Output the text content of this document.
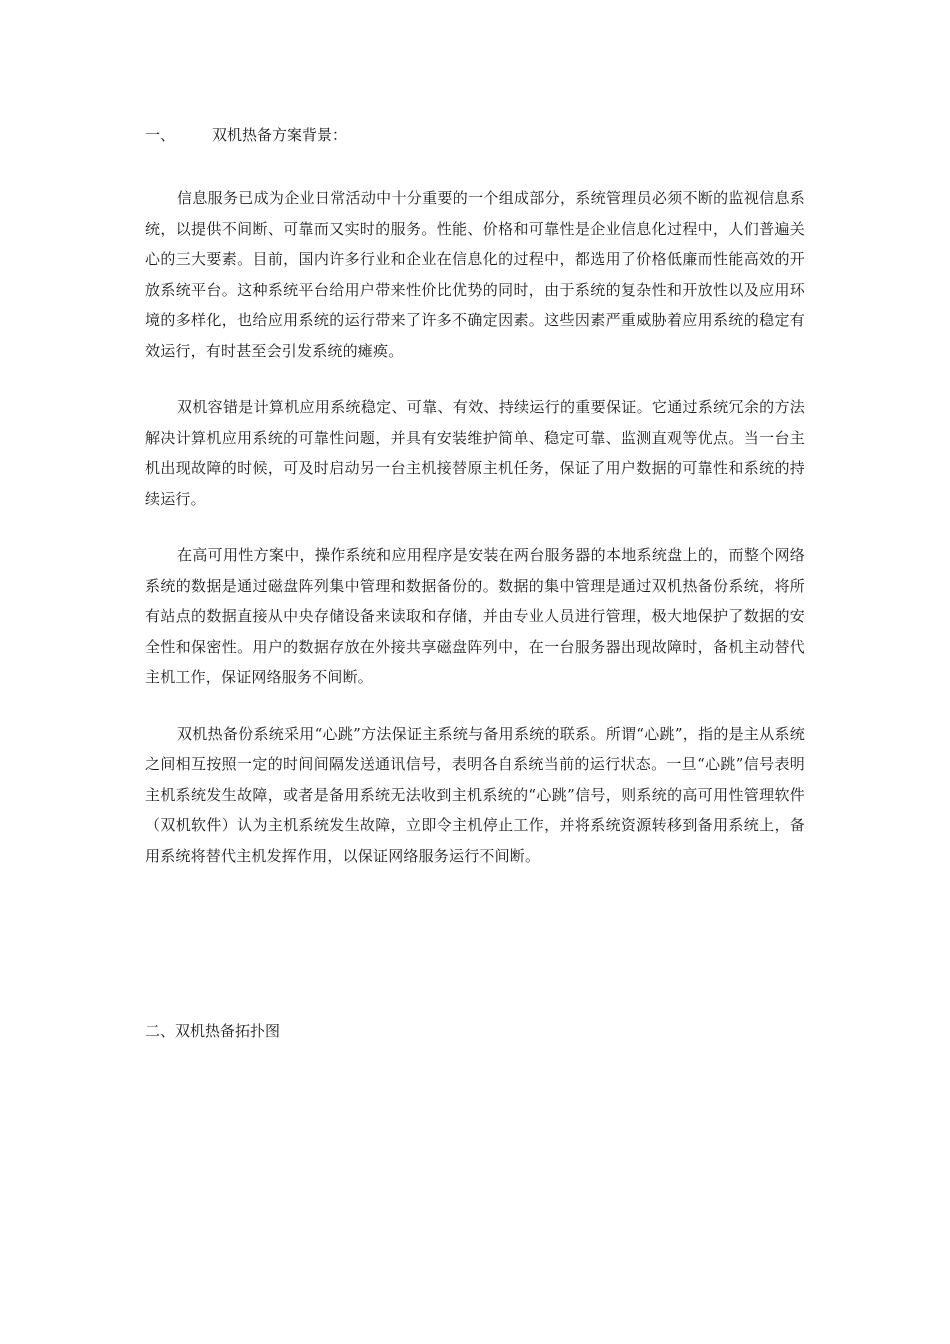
一、 双机热备方案背景：

信息服务已成为企业日常活动中十分重要的一个组成部分，系统管理员必须不断的监视信息系统，以提供不间断、可靠而又实时的服务。性能、价格和可靠性是企业信息化过程中，人们普遍关心的三大要素。目前，国内许多行业和企业在信息化的过程中，都选用了价格低廉而性能高效的开放系统平台。这种系统平台给用户带来性价比优势的同时，由于系统的复杂性和开放性以及应用环境的多样化，也给应用系统的运行带来了许多不确定因素。这些因素严重威胁着应用系统的稳定有效运行，有时甚至会引发系统的瘫痪。

双机容错是计算机应用系统稳定、可靠、有效、持续运行的重要保证。它通过系统冗余的方法解决计算机应用系统的可靠性问题，并具有安装维护简单、稳定可靠、监测直观等优点。当一台主机出现故障的时候，可及时启动另一台主机接替原主机任务，保证了用户数据的可靠性和系统的持续运行。

在高可用性方案中，操作系统和应用程序是安装在两台服务器的本地系统盘上的，而整个网络系统的数据是通过磁盘阵列集中管理和数据备份的。数据的集中管理是通过双机热备份系统，将所有站点的数据直接从中央存储设备来读取和存储，并由专业人员进行管理，极大地保护了数据的安全性和保密性。用户的数据存放在外接共享磁盘阵列中，在一台服务器出现故障时，备机主动替代主机工作，保证网络服务不间断。

双机热备份系统采用“心跳”方法保证主系统与备用系统的联系。所谓“心跳”，指的是主从系统之间相互按照一定的时间间隔发送通讯信号，表明各自系统当前的运行状态。一旦“心跳”信号表明主机系统发生故障，或者是备用系统无法收到主机系统的“心跳”信号，则系统的高可用性管理软件（双机软件）认为主机系统发生故障，立即令主机停止工作，并将系统资源转移到备用系统上，备用系统将替代主机发挥作用，以保证网络服务运行不间断。

二、双机热备拓扑图
